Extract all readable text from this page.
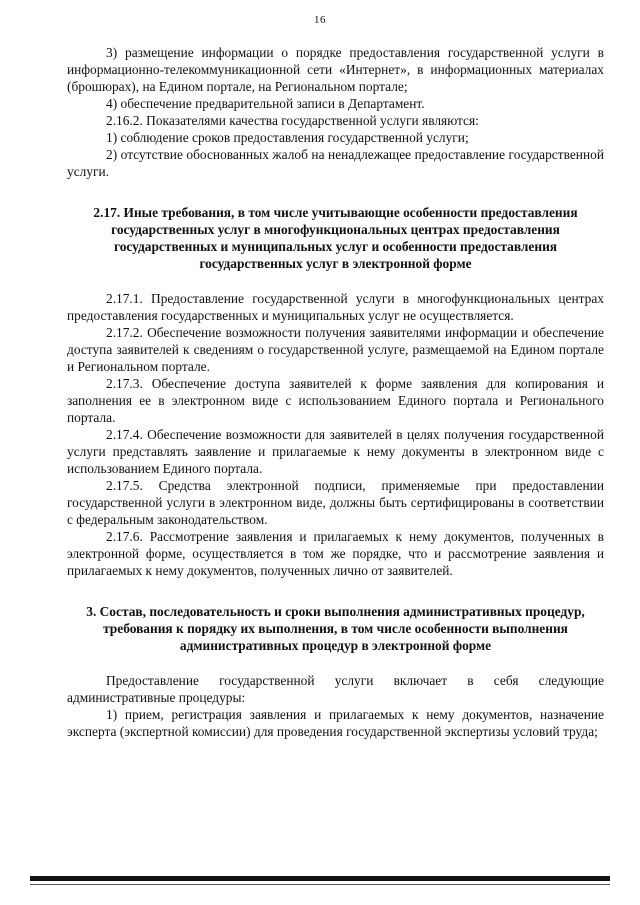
16

3) размещение информации о порядке предоставления государственной услуги в информационно-телекоммуникационной сети «Интернет», в информационных материалах (брошюрах), на Едином портале, на Региональном портале;

4) обеспечение предварительной записи в Департамент.

2.16.2. Показателями качества государственной услуги являются:

1) соблюдение сроков предоставления государственной услуги;

2) отсутствие обоснованных жалоб на ненадлежащее предоставление государственной услуги.

2.17. Иные требования, в том числе учитывающие особенности предоставления государственных услуг в многофункциональных центрах предоставления государственных и муниципальных услуг и особенности предоставления государственных услуг в электронной форме

2.17.1. Предоставление государственной услуги в многофункциональных центрах предоставления государственных и муниципальных услуг не осуществляется.

2.17.2. Обеспечение возможности получения заявителями информации и обеспечение доступа заявителей к сведениям о государственной услуге, размещаемой на Едином портале и Региональном портале.

2.17.3. Обеспечение доступа заявителей к форме заявления для копирования и заполнения ее в электронном виде с использованием Единого портала и Регионального портала.

2.17.4. Обеспечение возможности для заявителей в целях получения государственной услуги представлять заявление и прилагаемые к нему документы в электронном виде с использованием Единого портала.

2.17.5. Средства электронной подписи, применяемые при предоставлении государственной услуги в электронном виде, должны быть сертифицированы в соответствии с федеральным законодательством.

2.17.6. Рассмотрение заявления и прилагаемых к нему документов, полученных в электронной форме, осуществляется в том же порядке, что и рассмотрение заявления и прилагаемых к нему документов, полученных лично от заявителей.

3. Состав, последовательность и сроки выполнения административных процедур, требования к порядку их выполнения, в том числе особенности выполнения административных процедур в электронной форме

Предоставление государственной услуги включает в себя следующие административные процедуры:

1) прием, регистрация заявления и прилагаемых к нему документов, назначение эксперта (экспертной комиссии) для проведения государственной экспертизы условий труда;
